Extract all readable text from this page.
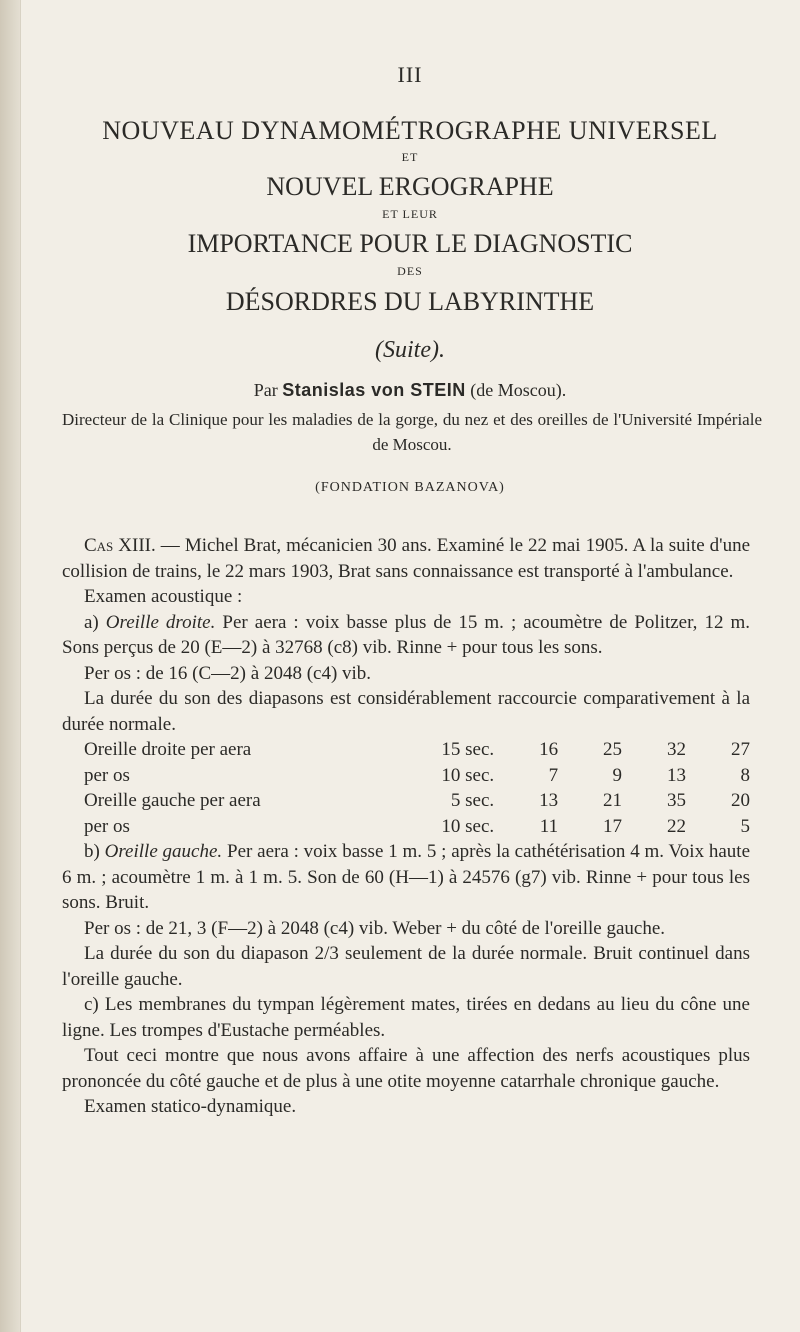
III
NOUVEAU DYNAMOMÉTROGRAPHE UNIVERSEL
ET
NOUVEL ERGOGRAPHE
ET LEUR
IMPORTANCE POUR LE DIAGNOSTIC
DES
DÉSORDRES DU LABYRINTHE
(Suite).
Par Stanislas von STEIN (de Moscou).
Directeur de la Clinique pour les maladies de la gorge, du nez et des oreilles de l'Université Impériale de Moscou.
(FONDATION BAZANOVA)

Cas XIII. — Michel Brat, mécanicien 30 ans. Examiné le 22 mai 1905. A la suite d'une collision de trains, le 22 mars 1903, Brat sans connaissance est transporté à l'ambulance.

Examen acoustique :

a) Oreille droite. Per aera : voix basse plus de 15 m. ; acoumètre de Politzer, 12 m. Sons perçus de 20 (E—2) à 32768 (c8) vib. Rinne + pour tous les sons.

Per os : de 16 (C—2) à 2048 (c4) vib.

La durée du son des diapasons est considérablement raccourcie comparativement à la durée normale.

Oreille droite per aera	15 sec.	16	25	32	27
per os	10 sec.	7	9	13	8
Oreille gauche per aera	5 sec.	13	21	35	20
per os	10 sec.	11	17	22	5

b) Oreille gauche. Per aera : voix basse 1 m. 5 ; après la cathétérisation 4 m. Voix haute 6 m. ; acoumètre 1 m. à 1 m. 5. Son de 60 (H—1) à 24576 (g7) vib. Rinne + pour tous les sons. Bruit.

Per os : de 21, 3 (F—2) à 2048 (c4) vib. Weber + du côté de l'oreille gauche.

La durée du son du diapason 2/3 seulement de la durée normale. Bruit continuel dans l'oreille gauche.

c) Les membranes du tympan légèrement mates, tirées en dedans au lieu du cône une ligne. Les trompes d'Eustache perméables.

Tout ceci montre que nous avons affaire à une affection des nerfs acoustiques plus prononcée du côté gauche et de plus à une otite moyenne catarrhale chronique gauche.

Examen statico-dynamique.
